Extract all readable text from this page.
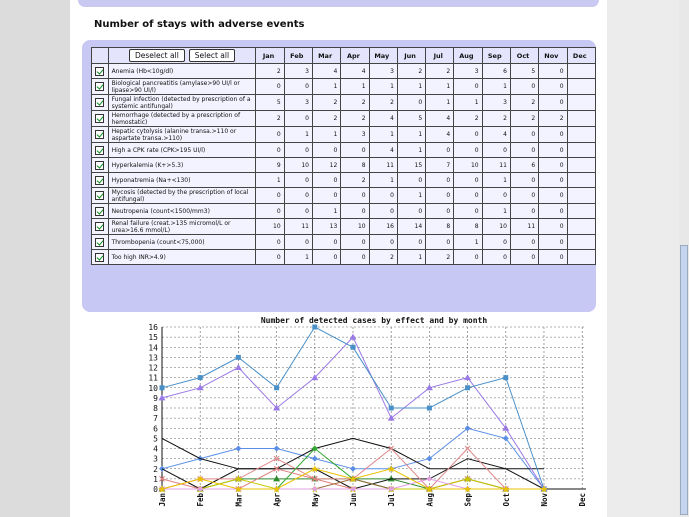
Number of stays with adverse events
	Deselect all Select all	Jan	Feb	Mar	Apr	May	Jun	Jul	Aug	Sep	Oct	Nov	Dec
	Anemia (Hb<10g/dl)	2	3	4	4	3	2	2	3	6	5	0	
	Biological pancreatitis (amylase>90 UI/l or lipase>90 UI/l)	0	0	1	1	1	1	1	0	1	0	0	
	Fungal infection (detected by prescription of a systemic antifungal)	5	3	2	2	2	0	1	1	3	2	0	
	Hemorrhage (detected by a prescription of hemostatic)	2	0	2	2	4	5	4	2	2	2	2	
	Hepatic cytolysis (alanine transa.>110 or aspartate transa.>110)	0	1	1	3	1	1	4	0	4	0	0	
	High a CPK rate (CPK>195 UI/l)	0	0	0	0	4	1	0	0	0	0	0	
	Hyperkalemia (K+>5.3)	9	10	12	8	11	15	7	10	11	6	0	
	Hyponatremia (Na+<130)	1	0	0	2	1	0	0	0	1	0	0	
	Mycosis (detected by the prescription of local antifungal)	0	0	0	0	0	1	0	0	0	0	0	
	Neutropenia (count<1500/mm3)	0	0	1	0	0	0	0	0	1	0	0	
	Renal failure (creat.>135 micromol/L or urea>16.6 mmol/L)	10	11	13	10	16	14	8	8	10	11	0	
	Thrombopenia (count<75,000)	0	0	0	0	0	0	0	1	0	0	0	
	Too high INR>4.9)	0	1	0	0	2	1	2	0	0	0	0	
Number of detected cases by effect and by month
0
1
2
3
4
5
6
7
8
9
10
11
12
13
14
15
16
Jan	Feb	Mar	Apr	May	Jun	Jul	Aug	Sep	Oct	Nov	Dec
